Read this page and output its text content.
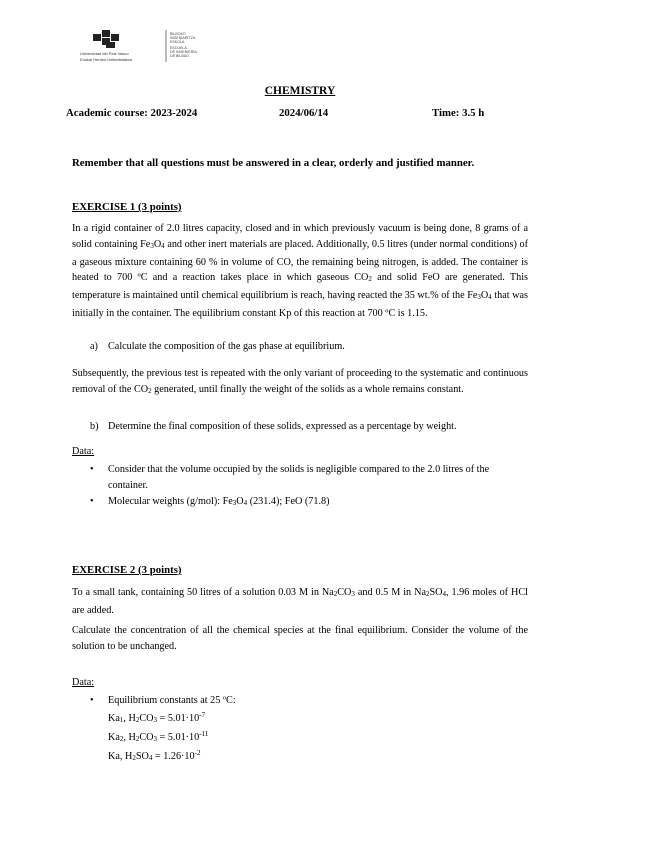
Universidad del País Vasco
Euskal Herriko Unibertsitatea
BILBOKO
INGENIARITZA
ESKOLA
ESCUELA
DE INGENIERÍA
DE BILBAO
CHEMISTRY
Academic course: 2023-2024	2024/06/14	Time: 3.5 h
Remember that all questions must be answered in a clear, orderly and justified manner.
EXERCISE 1 (3 points)
In a rigid container of 2.0 litres capacity, closed and in which previously vacuum is being done, 8 grams of a solid containing $Fe_3O_4$ and other inert materials are placed. Additionally, 0.5 litres (under normal conditions) of a gaseous mixture containing 60 % in volume of CO, the remaining being nitrogen, is added. The container is heated to 700 ºC and a reaction takes place in which gaseous $CO_2$ and solid FeO are generated. This temperature is maintained until chemical equilibrium is reach, having reacted the 35 wt.% of the $Fe_3O_4$ that was initially in the container. The equilibrium constant Kp of this reaction at 700 ºC is 1.15.
a) Calculate the composition of the gas phase at equilibrium.
Subsequently, the previous test is repeated with the only variant of proceeding to the systematic and continuous removal of the $CO_2$ generated, until finally the weight of the solids as a whole remains constant.
b) Determine the final composition of these solids, expressed as a percentage by weight.
Data:
• Consider that the volume occupied by the solids is negligible compared to the 2.0 litres of the container.
• Molecular weights (g/mol): $Fe_3O_4$ (231.4); FeO (71.8)
EXERCISE 2 (3 points)
To a small tank, containing 50 litres of a solution 0.03 M in $Na_2CO_3$ and 0.5 M in $Na_2SO_4$, 1.96 moles of HCl are added.
Calculate the concentration of all the chemical species at the final equilibrium. Consider the volume of the solution to be unchanged.
Data:
• Equilibrium constants at 25 ºC:
$Ka_1$, $H_2CO_3 = 5.01\cdot 10^{-7}$
$Ka_2$, $H_2CO_3 = 5.01\cdot 10^{-11}$
Ka, $H_2SO_4 = 1.26\cdot 10^{-2}$
